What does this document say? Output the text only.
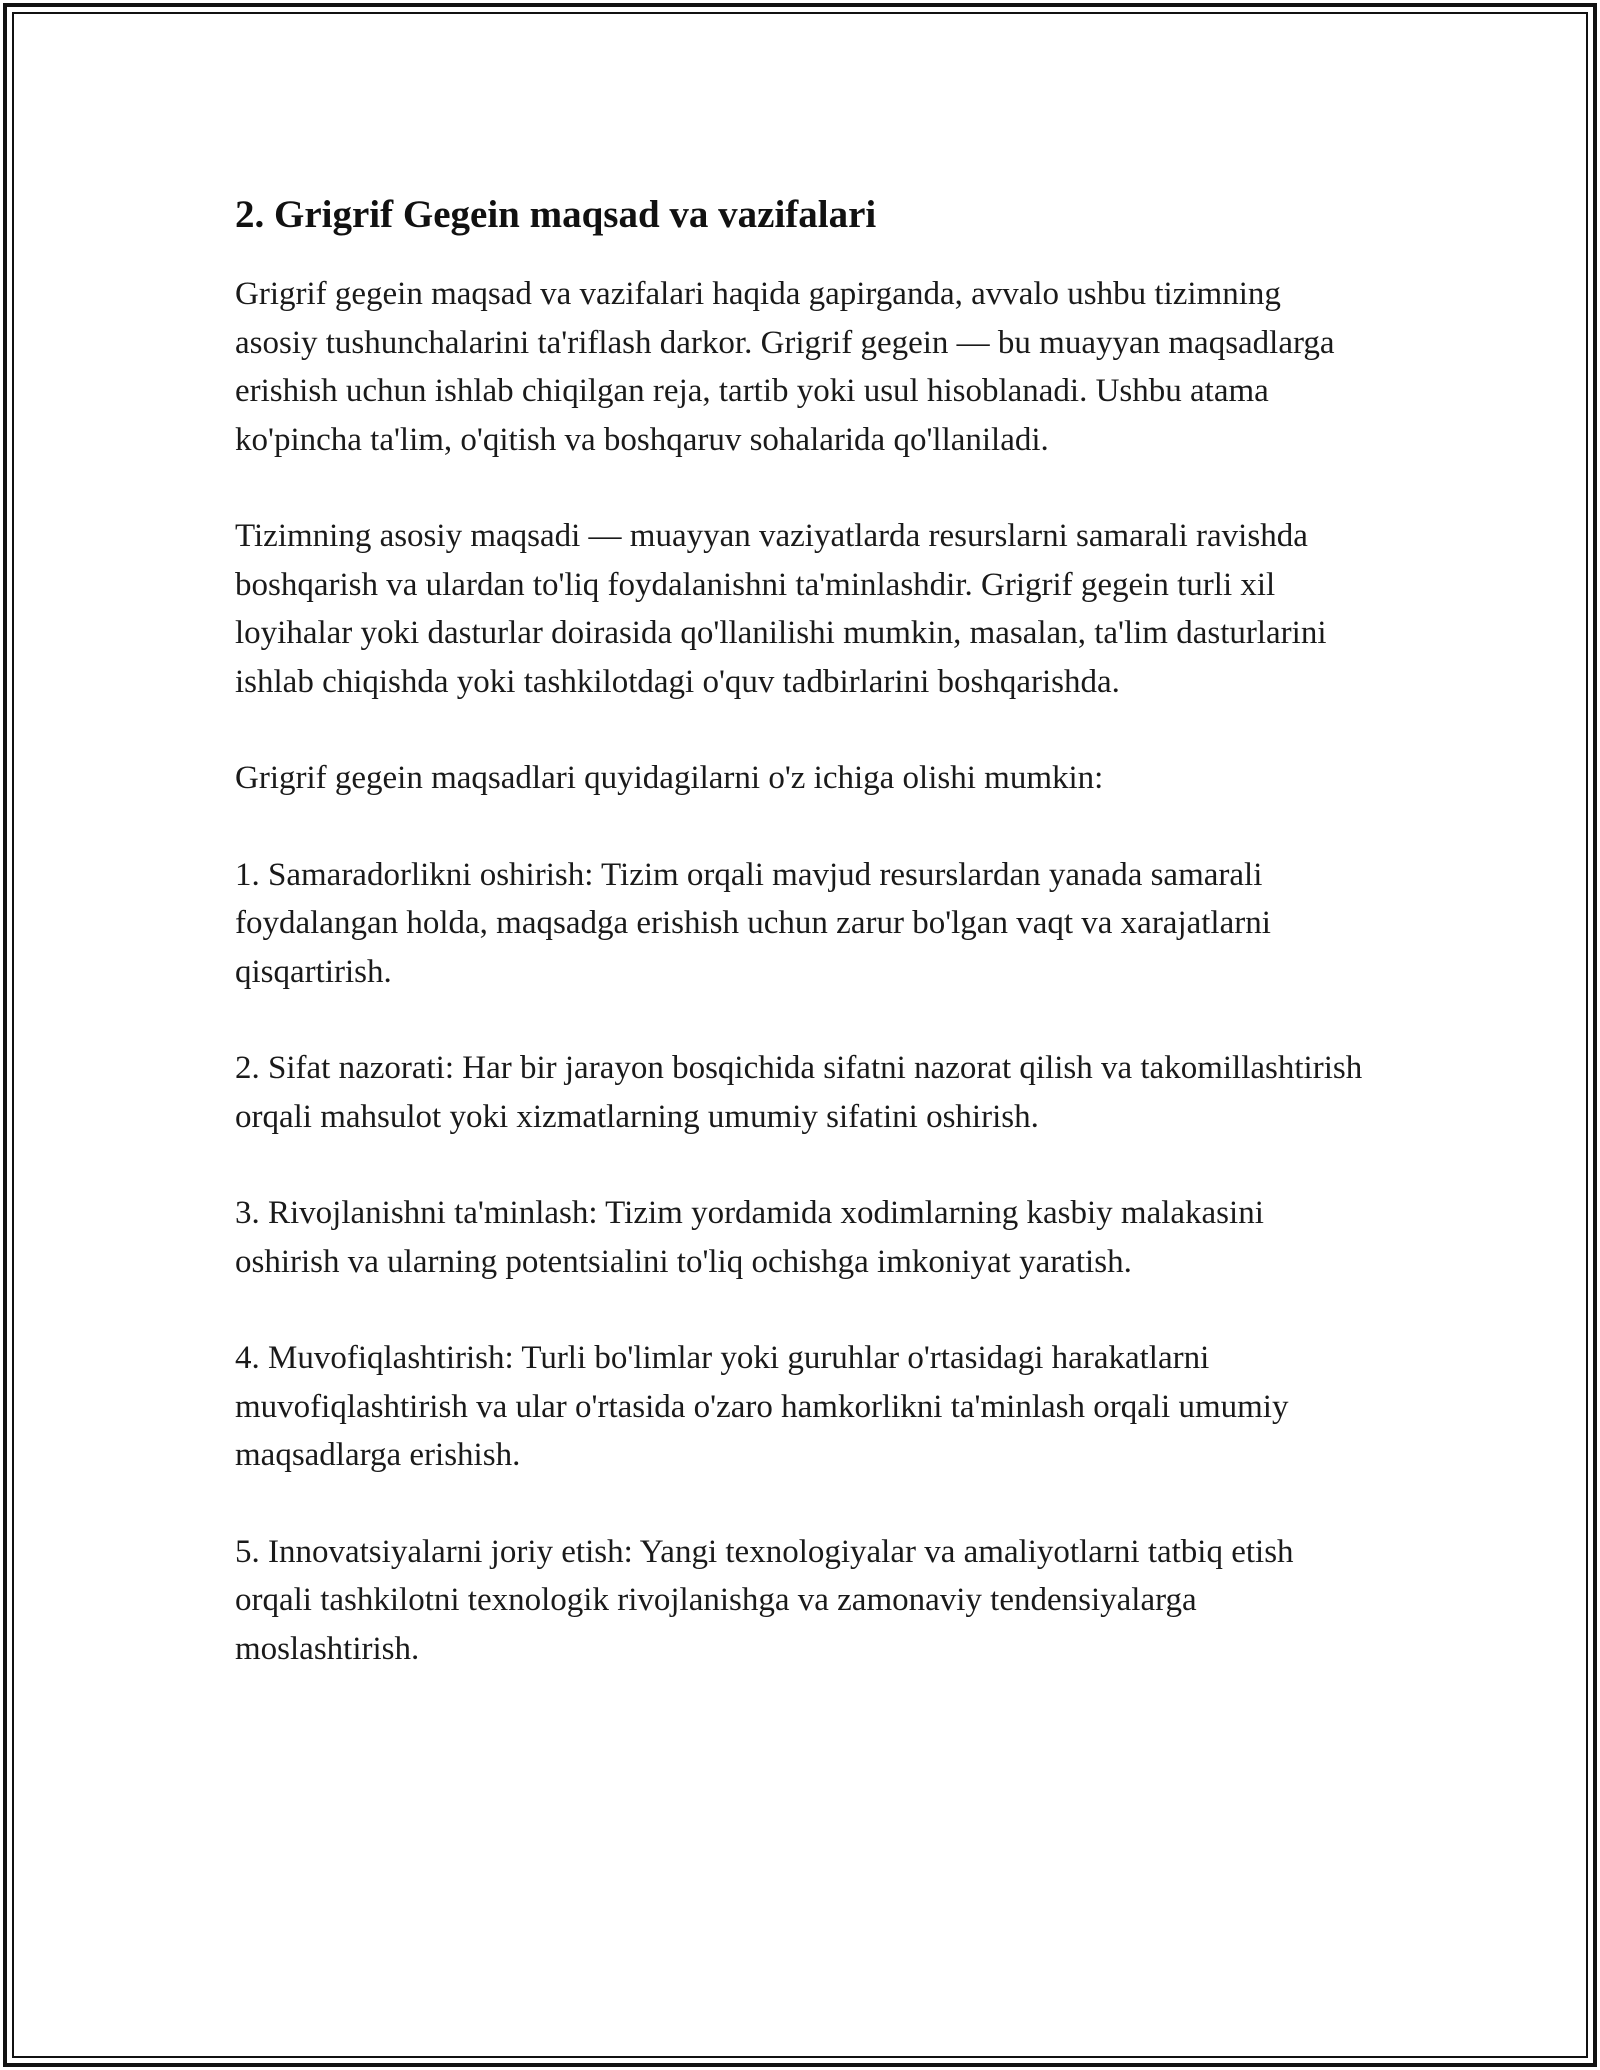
2. Grigrif Gegein maqsad va vazifalari

Grigrif gegein maqsad va vazifalari haqida gapirganda, avvalo ushbu tizimning asosiy tushunchalarini ta'riflash darkor. Grigrif gegein — bu muayyan maqsadlarga erishish uchun ishlab chiqilgan reja, tartib yoki usul hisoblanadi. Ushbu atama ko'pincha ta'lim, o'qitish va boshqaruv sohalarida qo'llaniladi.

Tizimning asosiy maqsadi — muayyan vaziyatlarda resurslarni samarali ravishda boshqarish va ulardan to'liq foydalanishni ta'minlashdir. Grigrif gegein turli xil loyihalar yoki dasturlar doirasida qo'llanilishi mumkin, masalan, ta'lim dasturlarini ishlab chiqishda yoki tashkilotdagi o'quv tadbirlarini boshqarishda.

Grigrif gegein maqsadlari quyidagilarni o'z ichiga olishi mumkin:

1. Samaradorlikni oshirish: Tizim orqali mavjud resurslardan yanada samarali foydalangan holda, maqsadga erishish uchun zarur bo'lgan vaqt va xarajatlarni qisqartirish.

2. Sifat nazorati: Har bir jarayon bosqichida sifatni nazorat qilish va takomillashtirish orqali mahsulot yoki xizmatlarning umumiy sifatini oshirish.

3. Rivojlanishni ta'minlash: Tizim yordamida xodimlarning kasbiy malakasini oshirish va ularning potentsialini to'liq ochishga imkoniyat yaratish.

4. Muvofiqlashtirish: Turli bo'limlar yoki guruhlar o'rtasidagi harakatlarni muvofiqlashtirish va ular o'rtasida o'zaro hamkorlikni ta'minlash orqali umumiy maqsadlarga erishish.

5. Innovatsiyalarni joriy etish: Yangi texnologiyalar va amaliyotlarni tatbiq etish orqali tashkilotni texnologik rivojlanishga va zamonaviy tendensiyalarga moslashtirish.
